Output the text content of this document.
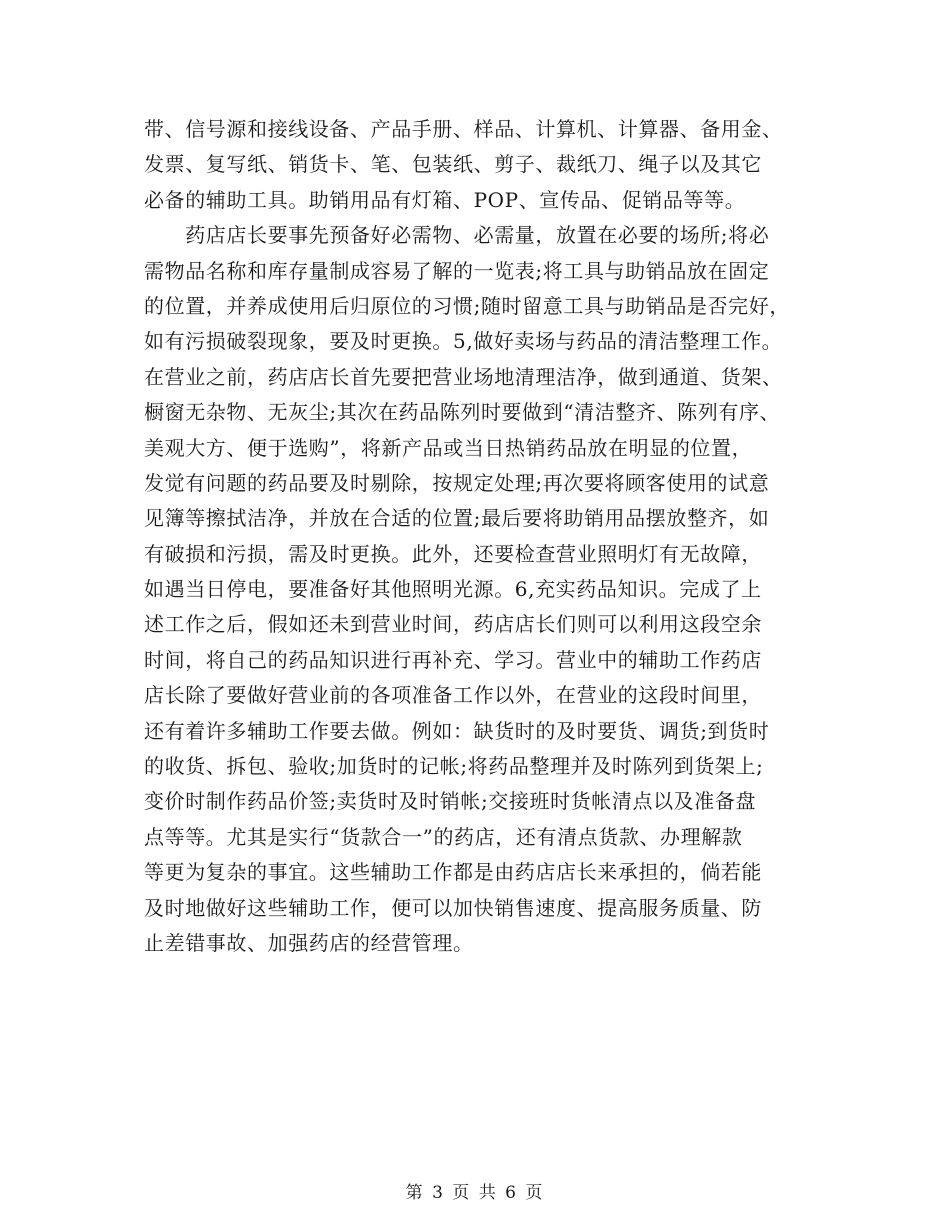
带、信号源和接线设备、产品手册、样品、计算机、计算器、备用金、
发票、复写纸、销货卡、笔、包装纸、剪子、裁纸刀、绳子以及其它
必备的辅助工具。助销用品有灯箱、POP、宣传品、促销品等等。
　　药店店长要事先预备好必需物、必需量，放置在必要的场所;将必
需物品名称和库存量制成容易了解的一览表;将工具与助销品放在固定
的位置，并养成使用后归原位的习惯;随时留意工具与助销品是否完好，
如有污损破裂现象，要及时更换。5,做好卖场与药品的清洁整理工作。
在营业之前，药店店长首先要把营业场地清理洁净，做到通道、货架、
橱窗无杂物、无灰尘;其次在药品陈列时要做到“清洁整齐、陈列有序、
美观大方、便于选购”，将新产品或当日热销药品放在明显的位置，
发觉有问题的药品要及时剔除，按规定处理;再次要将顾客使用的试意
见簿等擦拭洁净，并放在合适的位置;最后要将助销用品摆放整齐，如
有破损和污损，需及时更换。此外，还要检查营业照明灯有无故障，
如遇当日停电，要准备好其他照明光源。6,充实药品知识。完成了上
述工作之后，假如还未到营业时间，药店店长们则可以利用这段空余
时间，将自己的药品知识进行再补充、学习。营业中的辅助工作药店
店长除了要做好营业前的各项准备工作以外，在营业的这段时间里，
还有着许多辅助工作要去做。例如：缺货时的及时要货、调货;到货时
的收货、拆包、验收;加货时的记帐;将药品整理并及时陈列到货架上;
变价时制作药品价签;卖货时及时销帐;交接班时货帐清点以及准备盘
点等等。尤其是实行“货款合一”的药店，还有清点货款、办理解款
等更为复杂的事宜。这些辅助工作都是由药店店长来承担的，倘若能
及时地做好这些辅助工作，便可以加快销售速度、提高服务质量、防
止差错事故、加强药店的经营管理。
第 3 页 共 6 页
